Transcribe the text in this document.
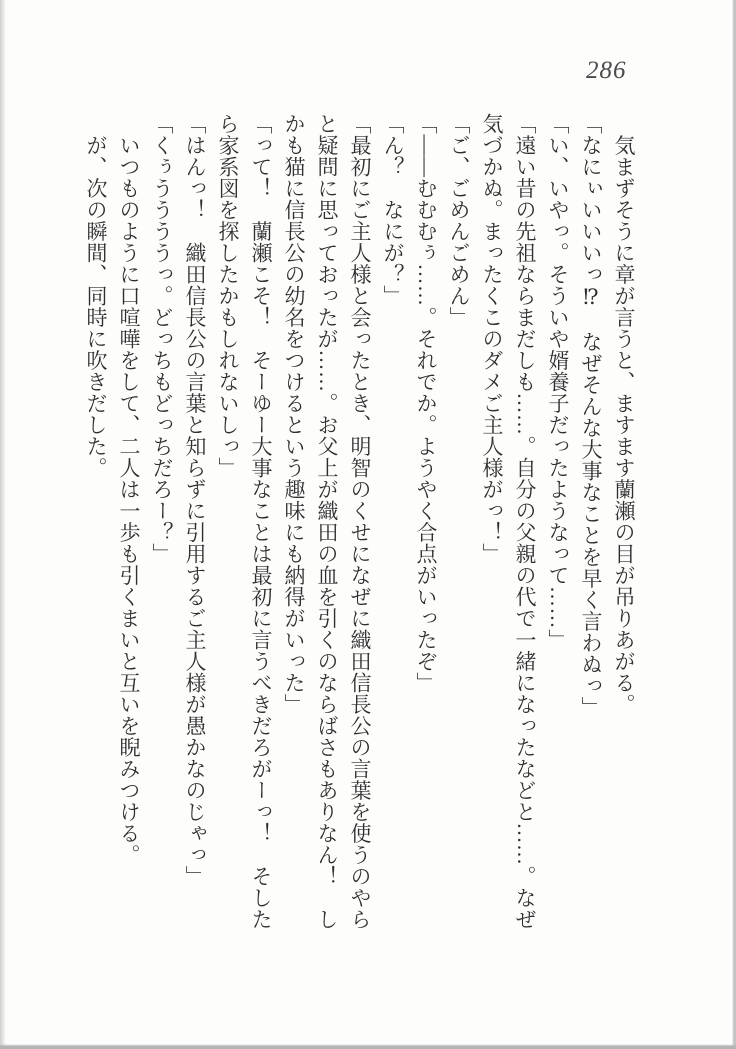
286
　気まずそうに章が言うと、ますます蘭瀬の目が吊りあがる。
「なにぃいいいっ⁉　なぜそんな大事なことを早く言わぬっ」
「い、いやっ。そういや婿養子だったようなって……」
「遠い昔の先祖ならまだしも……。自分の父親の代で一緒になったなどと……。なぜ
気づかぬ。まったくこのダメご主人様がっ！」
「ご、ごめんごめん」
「――むむむぅ……。それでか。ようやく合点がいったぞ」
「ん？　なにが？」
「最初にご主人様と会ったとき、明智のくせになぜに織田信長公の言葉を使うのやら
と疑問に思っておったが……。お父上が織田の血を引くのならばさもありなん！　し
かも猫に信長公の幼名をつけるという趣味にも納得がいった」
「って！　蘭瀬こそ！　そーゆー大事なことは最初に言うべきだろがーっ！　そした
ら家系図を探したかもしれないしっ」
「はんっ！　織田信長公の言葉と知らずに引用するご主人様が愚かなのじゃっ」
「くぅううううっ。どっちもどっちだろー？」
　いつものように口喧嘩をして、二人は一歩も引くまいと互いを睨みつける。
　が、次の瞬間、同時に吹きだした。
